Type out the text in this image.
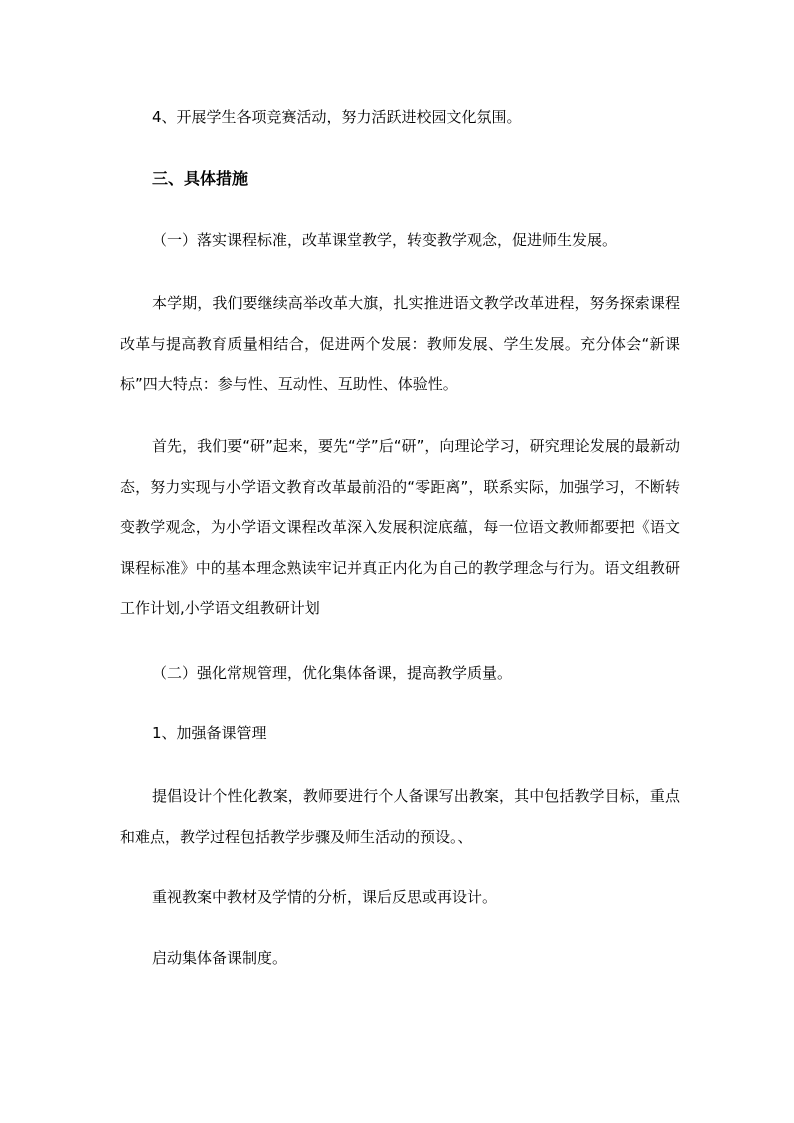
4、开展学生各项竞赛活动，努力活跃进校园文化氛围。

三、具体措施

（一）落实课程标准，改革课堂教学，转变教学观念，促进师生发展。

本学期，我们要继续高举改革大旗，扎实推进语文教学改革进程，努务探索课程改革与提高教育质量相结合，促进两个发展：教师发展、学生发展。充分体会“新课标”四大特点：参与性、互动性、互助性、体验性。

首先，我们要“研”起来，要先“学”后“研”，向理论学习，研究理论发展的最新动态，努力实现与小学语文教育改革最前沿的“零距离”，联系实际，加强学习，不断转变教学观念，为小学语文课程改革深入发展积淀底蕴，每一位语文教师都要把《语文课程标准》中的基本理念熟读牢记并真正内化为自己的教学理念与行为。语文组教研工作计划,小学语文组教研计划

（二）强化常规管理，优化集体备课，提高教学质量。

1、加强备课管理

提倡设计个性化教案，教师要进行个人备课写出教案，其中包括教学目标，重点和难点，教学过程包括教学步骤及师生活动的预设。、

重视教案中教材及学情的分析，课后反思或再设计。

启动集体备课制度。
